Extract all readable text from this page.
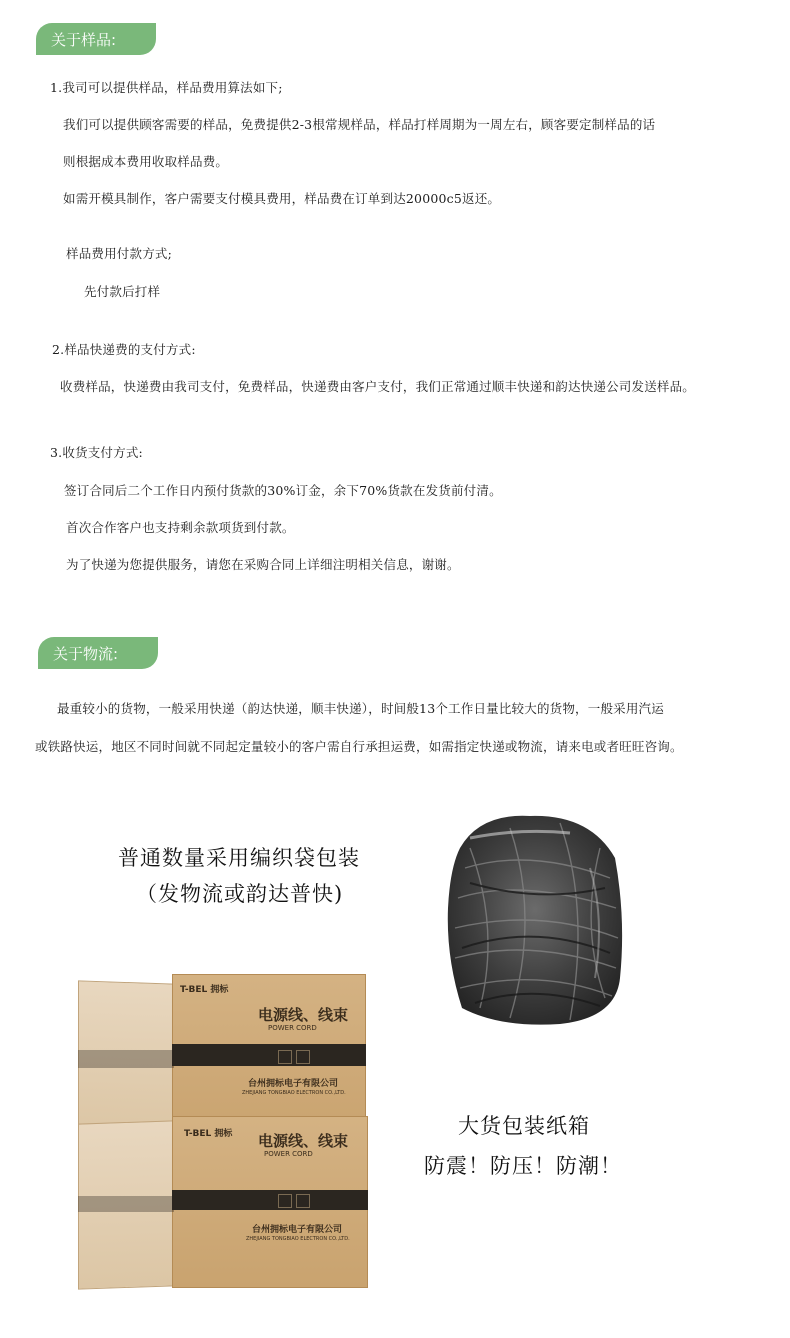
关于样品:
1.我司可以提供样品，样品费用算法如下;
我们可以提供顾客需要的样品，免费提供2-3根常规样品，样品打样周期为一周左右，顾客要定制样品的话
则根据成本费用收取样品费。
如需开模具制作，客户需要支付模具费用，样品费在订单到达20000c5返还。
样品费用付款方式;
先付款后打样
2.样品快递费的支付方式:
收费样品，快递费由我司支付，免费样品，快递费由客户支付，我们正常通过顺丰快递和韵达快递公司发送样品。
3.收货支付方式:
签订合同后二个工作日内预付货款的30%订金，余下70%货款在发货前付清。
首次合作客户也支持剩余款项货到付款。
为了快递为您提供服务，请您在采购合同上详细注明相关信息，谢谢。
关于物流:
最重较小的货物，一般采用快递（韵达快递，顺丰快递），时间般13个工作日量比较大的货物，一般采用汽运
或铁路快运，地区不同时间就不同起定量较小的客户需自行承担运费，如需指定快递或物流，请来电或者旺旺咨询。
普通数量采用编织袋包装
（发物流或韵达普快)
大货包装纸箱
防震！防压！防潮！
T-BEL 拥标
电源线、线束
POWER CORD
台州拥标电子有限公司
ZHEJIANG TONGBIAO ELECTRON CO.,LTD.
T-BEL 拥标 电源线、线束
POWER CORD
台州拥标电子有限公司
ZHEJIANG TONGBIAO ELECTRON CO.,LTD.
